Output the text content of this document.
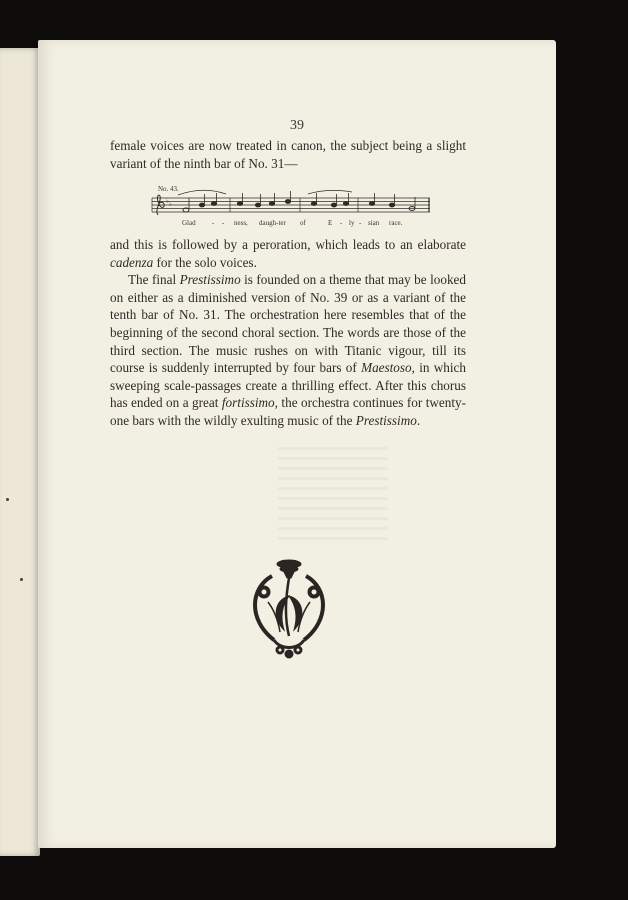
39

female voices are now treated in canon, the subject being a slight variant of the ninth bar of No. 31—

No. 43.
♭ ♭
Glad - - ness, daugh-ter of	E - ly - sian race.

and this is followed by a peroration, which leads to an elaborate cadenza for the solo voices.

The final Prestissimo is founded on a theme that may be looked on either as a diminished version of No. 39 or as a variant of the tenth bar of No. 31. The orchestration here resembles that of the beginning of the second choral section. The words are those of the third section. The music rushes on with Titanic vigour, till its course is suddenly interrupted by four bars of Maestoso, in which sweeping scale-passages create a thrilling effect. After this chorus has ended on a great fortissimo, the orchestra continues for twenty-one bars with the wildly exulting music of the Prestissimo.
